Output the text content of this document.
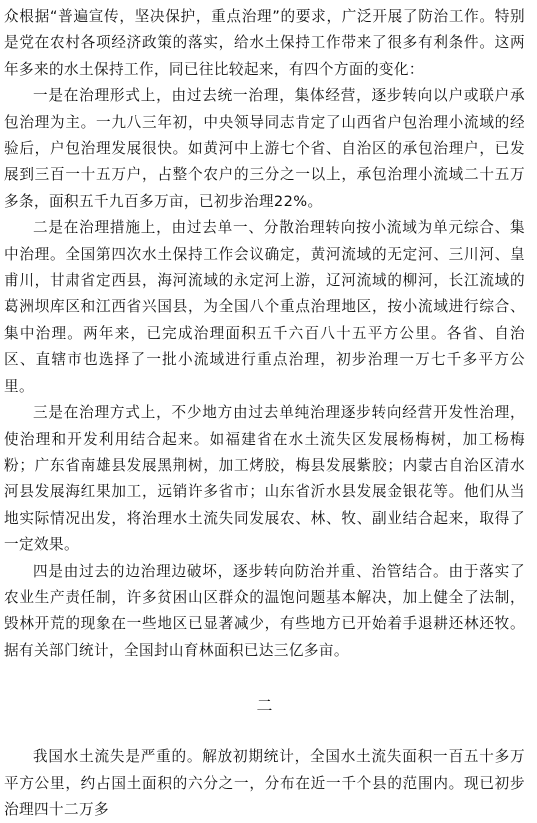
众根据“普遍宣传，坚决保护，重点治理”的要求，广泛开展了防治工作。特别是党在农村各项经济政策的落实，给水土保持工作带来了很多有利条件。这两年多来的水土保持工作，同已往比较起来，有四个方面的变化：

一是在治理形式上，由过去统一治理，集体经营，逐步转向以户或联户承包治理为主。一九八三年初，中央领导同志肯定了山西省户包治理小流域的经验后，户包治理发展很快。如黄河中上游七个省、自治区的承包治理户，已发展到三百一十五万户，占整个农户的三分之一以上，承包治理小流域二十五万多条，面积五千九百多万亩，已初步治理22%。

二是在治理措施上，由过去单一、分散治理转向按小流域为单元综合、集中治理。全国第四次水土保持工作会议确定，黄河流域的无定河、三川河、皇甫川，甘肃省定西县，海河流域的永定河上游，辽河流域的柳河，长江流域的葛洲坝库区和江西省兴国县，为全国八个重点治理地区，按小流域进行综合、集中治理。两年来，已完成治理面积五千六百八十五平方公里。各省、自治区、直辖市也选择了一批小流域进行重点治理，初步治理一万七千多平方公里。

三是在治理方式上，不少地方由过去单纯治理逐步转向经营开发性治理，使治理和开发利用结合起来。如福建省在水土流失区发展杨梅树，加工杨梅粉；广东省南雄县发展黑荆树，加工烤胶，梅县发展紫胶；内蒙古自治区清水河县发展海红果加工，远销许多省市；山东省沂水县发展金银花等。他们从当地实际情况出发，将治理水土流失同发展农、林、牧、副业结合起来，取得了一定效果。

四是由过去的边治理边破坏，逐步转向防治并重、治管结合。由于落实了农业生产责任制，许多贫困山区群众的温饱问题基本解决，加上健全了法制，毁林开荒的现象在一些地区已显著减少，有些地方已开始着手退耕还林还牧。据有关部门统计，全国封山育林面积已达三亿多亩。

二

我国水土流失是严重的。解放初期统计，全国水土流失面积一百五十多万平方公里，约占国土面积的六分之一，分布在近一千个县的范围内。现已初步治理四十二万多
